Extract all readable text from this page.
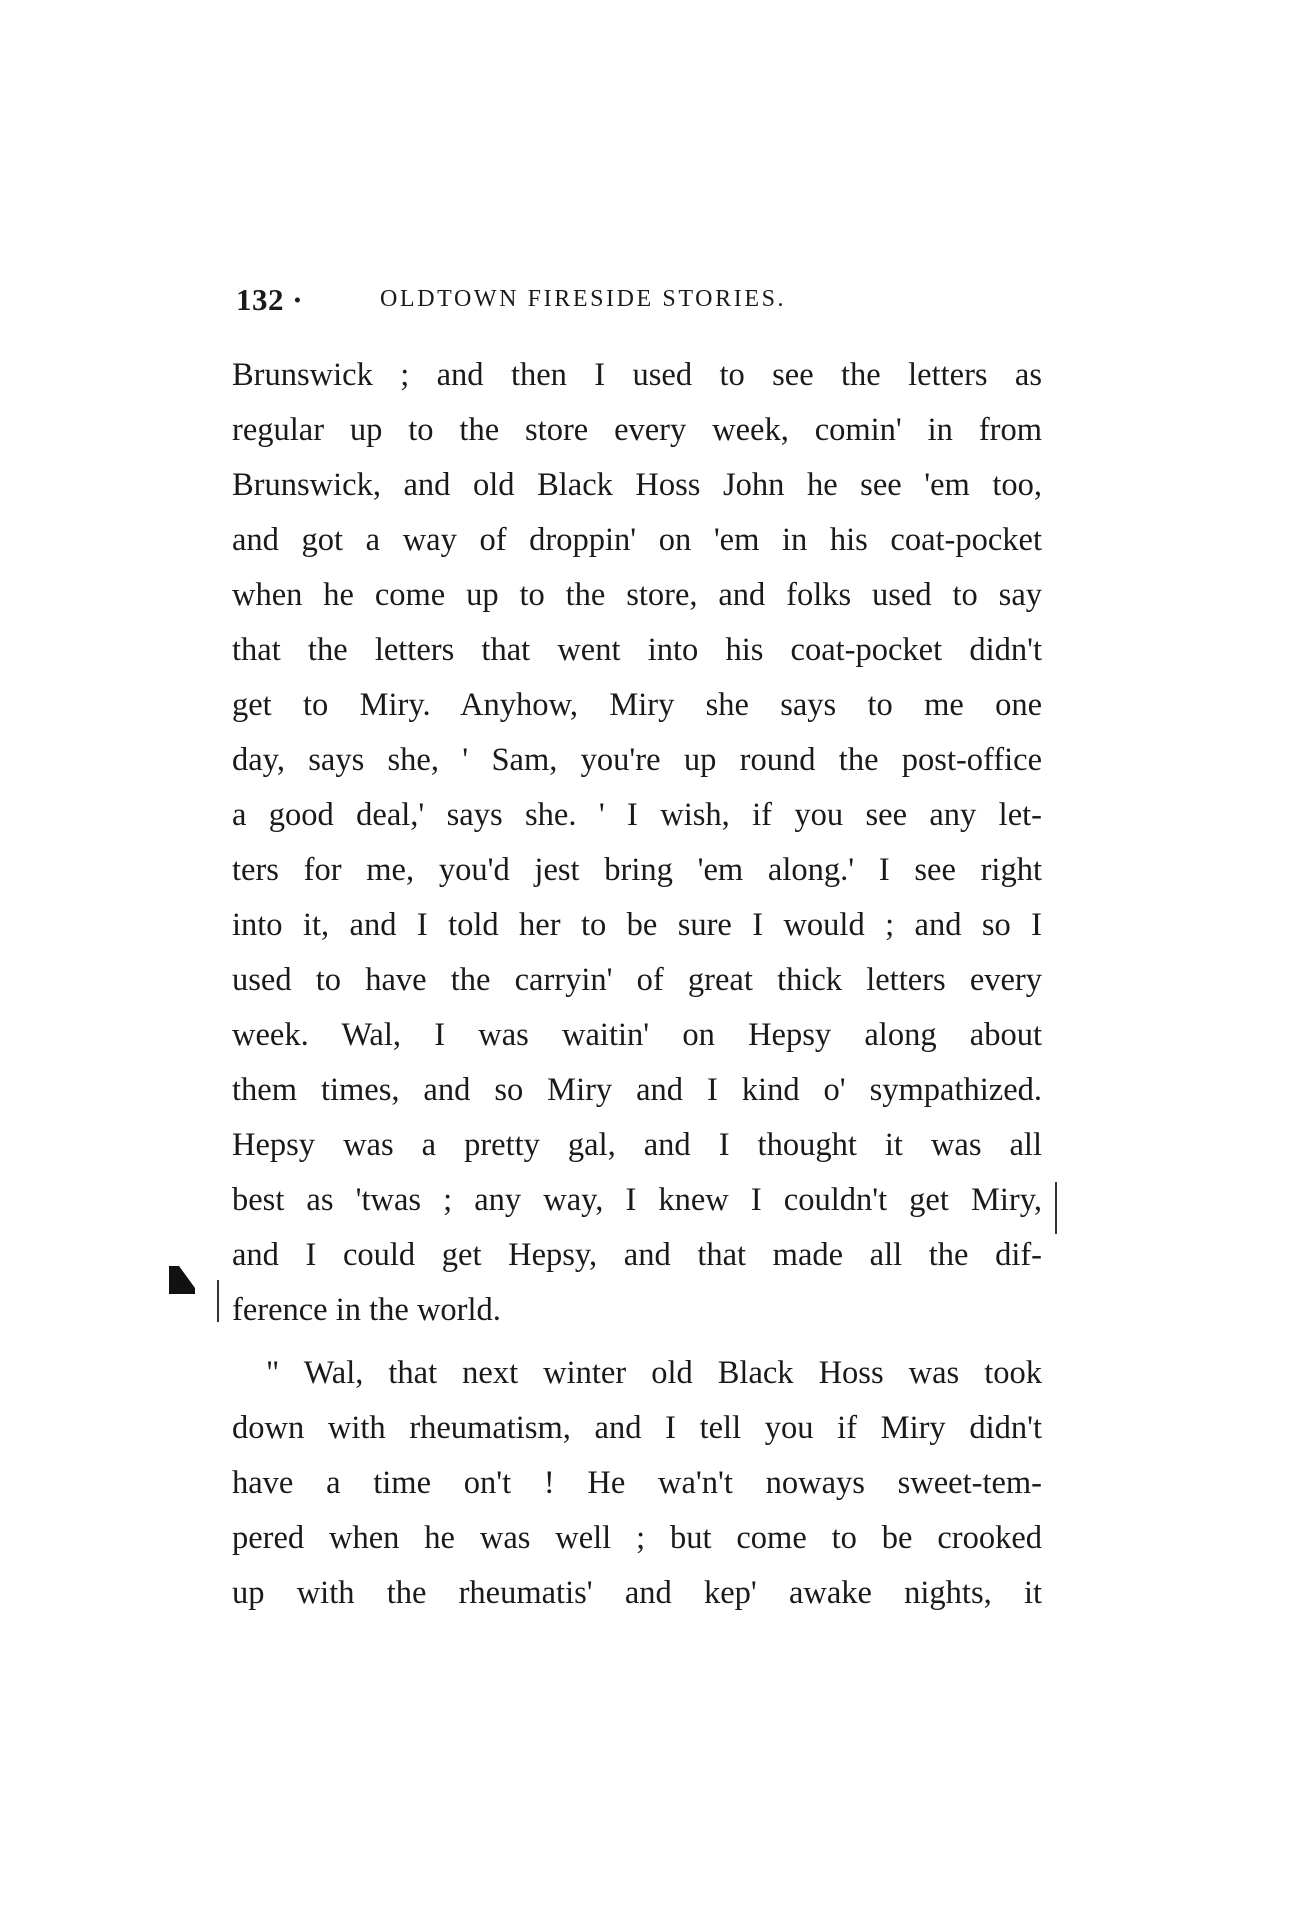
132 ·	OLDTOWN FIRESIDE STORIES.
Brunswick ; and then I used to see the letters as
regular up to the store every week, comin' in from
Brunswick, and old Black Hoss John he see 'em too,
and got a way of droppin' on 'em in his coat-pocket
when he come up to the store, and folks used to say
that the letters that went into his coat-pocket didn't
get to Miry. Anyhow, Miry she says to me one
day, says she, ' Sam, you're up round the post-office
a good deal,' says she. ' I wish, if you see any let-
ters for me, you'd jest bring 'em along.' I see right
into it, and I told her to be sure I would ; and so I
used to have the carryin' of great thick letters every
week. Wal, I was waitin' on Hepsy along about
them times, and so Miry and I kind o' sympathized.
Hepsy was a pretty gal, and I thought it was all
best as 'twas ; any way, I knew I couldn't get Miry,
and I could get Hepsy, and that made all the dif-
ference in the world.
" Wal, that next winter old Black Hoss was took
down with rheumatism, and I tell you if Miry didn't
have a time on't ! He wa'n't noways sweet-tem-
pered when he was well ; but come to be crooked
up with the rheumatis' and kep' awake nights, it
